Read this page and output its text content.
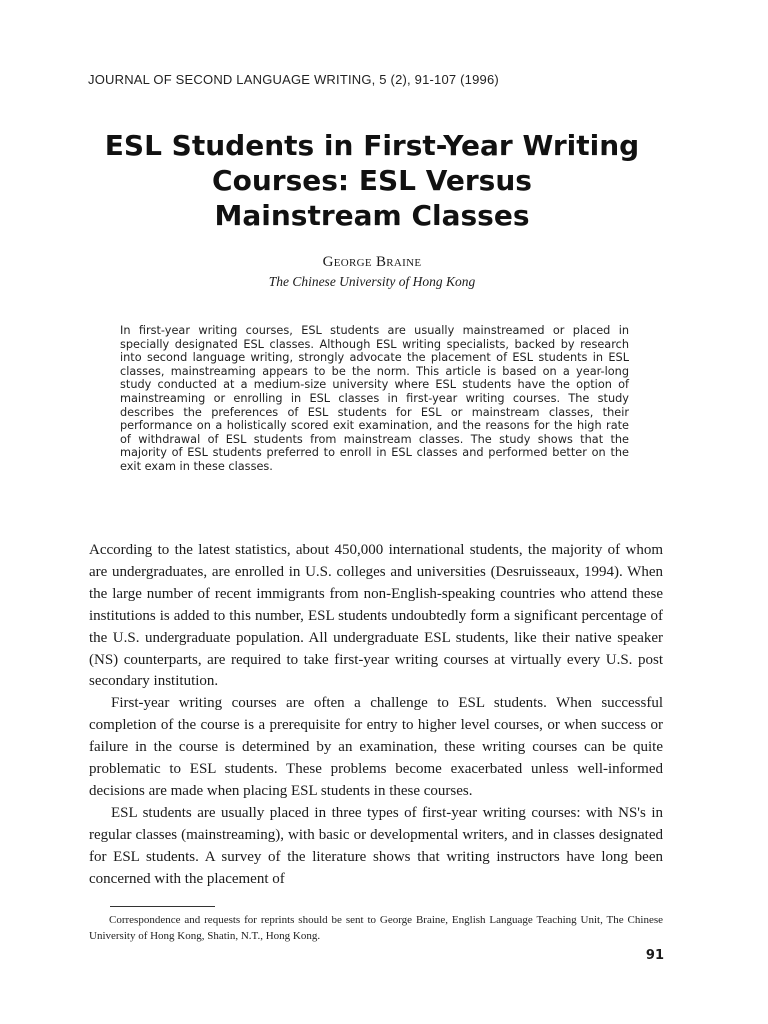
JOURNAL OF SECOND LANGUAGE WRITING, 5 (2), 91-107 (1996)
ESL Students in First-Year Writing
Courses: ESL Versus
Mainstream Classes
George Braine
The Chinese University of Hong Kong
In first-year writing courses, ESL students are usually mainstreamed or placed in specially designated ESL classes. Although ESL writing specialists, backed by research into second language writing, strongly advocate the placement of ESL students in ESL classes, mainstreaming appears to be the norm. This article is based on a year-long study conducted at a medium-size university where ESL students have the option of mainstreaming or enrolling in ESL classes in first-year writing courses. The study describes the preferences of ESL students for ESL or mainstream classes, their performance on a holistically scored exit examination, and the reasons for the high rate of withdrawal of ESL students from mainstream classes. The study shows that the majority of ESL students preferred to enroll in ESL classes and performed better on the exit exam in these classes.

According to the latest statistics, about 450,000 international students, the majority of whom are undergraduates, are enrolled in U.S. colleges and universities (Desruisseaux, 1994). When the large number of recent immigrants from non-English-speaking countries who attend these institutions is added to this number, ESL students undoubtedly form a significant percentage of the U.S. undergraduate population. All undergraduate ESL students, like their native speaker (NS) counterparts, are required to take first-year writing courses at virtually every U.S. post secondary institution.

First-year writing courses are often a challenge to ESL students. When successful completion of the course is a prerequisite for entry to higher level courses, or when success or failure in the course is determined by an examination, these writing courses can be quite problematic to ESL students. These problems become exacerbated unless well-informed decisions are made when placing ESL students in these courses.

ESL students are usually placed in three types of first-year writing courses: with NS's in regular classes (mainstreaming), with basic or developmental writers, and in classes designated for ESL students. A survey of the literature shows that writing instructors have long been concerned with the placement of

Correspondence and requests for reprints should be sent to George Braine, English Language Teaching Unit, The Chinese University of Hong Kong, Shatin, N.T., Hong Kong.
91
